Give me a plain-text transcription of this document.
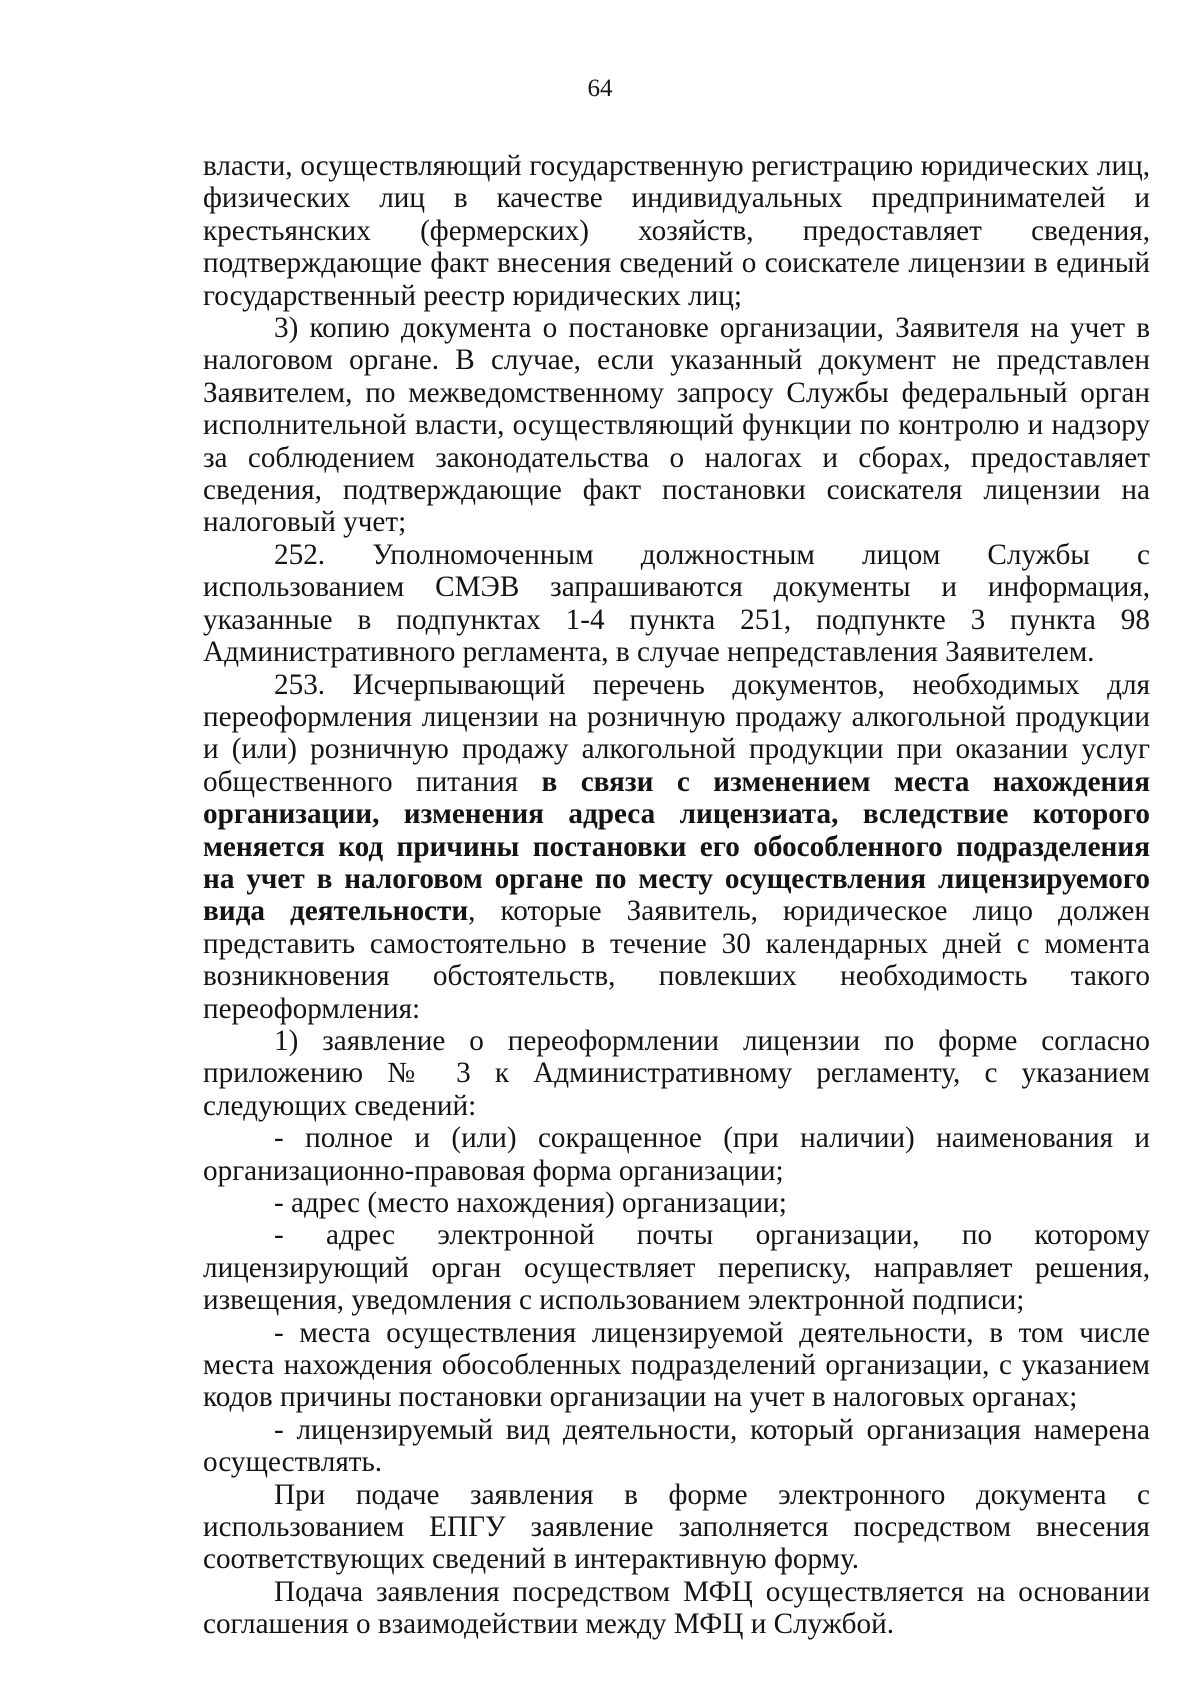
64

власти, осуществляющий государственную регистрацию юридических лиц, физических лиц в качестве индивидуальных предпринимателей и крестьянских (фермерских) хозяйств, предоставляет сведения, подтверждающие факт внесения сведений о соискателе лицензии в единый государственный реестр юридических лиц;

3) копию документа о постановке организации, Заявителя на учет в налоговом органе. В случае, если указанный документ не представлен Заявителем, по межведомственному запросу Службы федеральный орган исполнительной власти, осуществляющий функции по контролю и надзору за соблюдением законодательства о налогах и сборах, предоставляет сведения, подтверждающие факт постановки соискателя лицензии на налоговый учет;

252. Уполномоченным должностным лицом Службы с использованием СМЭВ запрашиваются документы и информация, указанные в подпунктах 1-4 пункта 251, подпункте 3 пункта 98 Административного регламента, в случае непредставления Заявителем.

253. Исчерпывающий перечень документов, необходимых для переоформления лицензии на розничную продажу алкогольной продукции и (или) розничную продажу алкогольной продукции при оказании услуг общественного питания в связи с изменением места нахождения организации, изменения адреса лицензиата, вследствие которого меняется код причины постановки его обособленного подразделения на учет в налоговом органе по месту осуществления лицензируемого вида деятельности, которые Заявитель, юридическое лицо должен представить самостоятельно в течение 30 календарных дней с момента возникновения обстоятельств, повлекших необходимость такого переоформления:

1) заявление о переоформлении лицензии по форме согласно приложению № 3 к Административному регламенту, с указанием следующих сведений:

- полное и (или) сокращенное (при наличии) наименования и организационно-правовая форма организации;

- адрес (место нахождения) организации;

- адрес электронной почты организации, по которому лицензирующий орган осуществляет переписку, направляет решения, извещения, уведомления с использованием электронной подписи;

- места осуществления лицензируемой деятельности, в том числе места нахождения обособленных подразделений организации, с указанием кодов причины постановки организации на учет в налоговых органах;

- лицензируемый вид деятельности, который организация намерена осуществлять.

При подаче заявления в форме электронного документа с использованием ЕПГУ заявление заполняется посредством внесения соответствующих сведений в интерактивную форму.

Подача заявления посредством МФЦ осуществляется на основании соглашения о взаимодействии между МФЦ и Службой.
